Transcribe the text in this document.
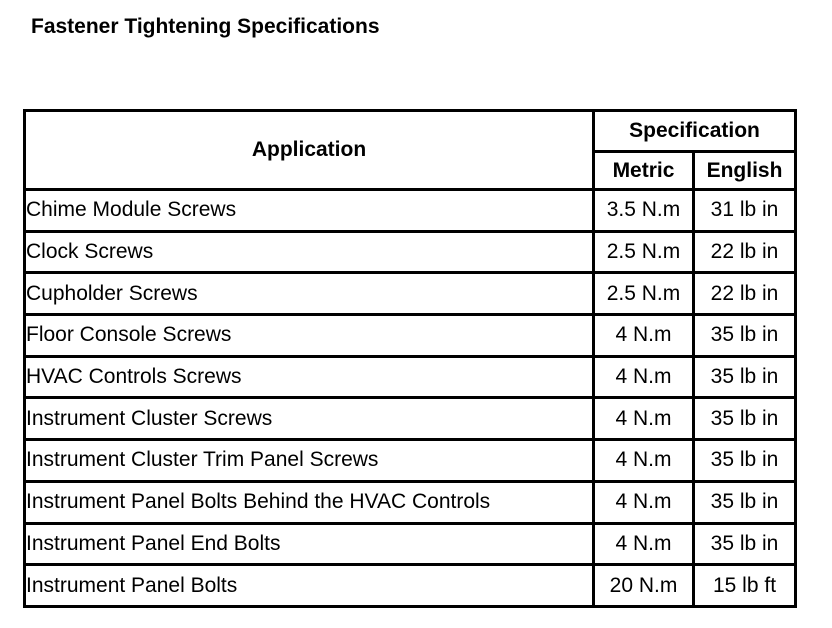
Fastener Tightening Specifications
Application	Specification	
	Metric	English
Chime Module Screws	3.5 N.m	31 lb in
Clock Screws	2.5 N.m	22 lb in
Cupholder Screws	2.5 N.m	22 lb in
Floor Console Screws	4 N.m	35 lb in
HVAC Controls Screws	4 N.m	35 lb in
Instrument Cluster Screws	4 N.m	35 lb in
Instrument Cluster Trim Panel Screws	4 N.m	35 lb in
Instrument Panel Bolts Behind the HVAC Controls	4 N.m	35 lb in
Instrument Panel End Bolts	4 N.m	35 lb in
Instrument Panel Bolts	20 N.m	15 lb ft
